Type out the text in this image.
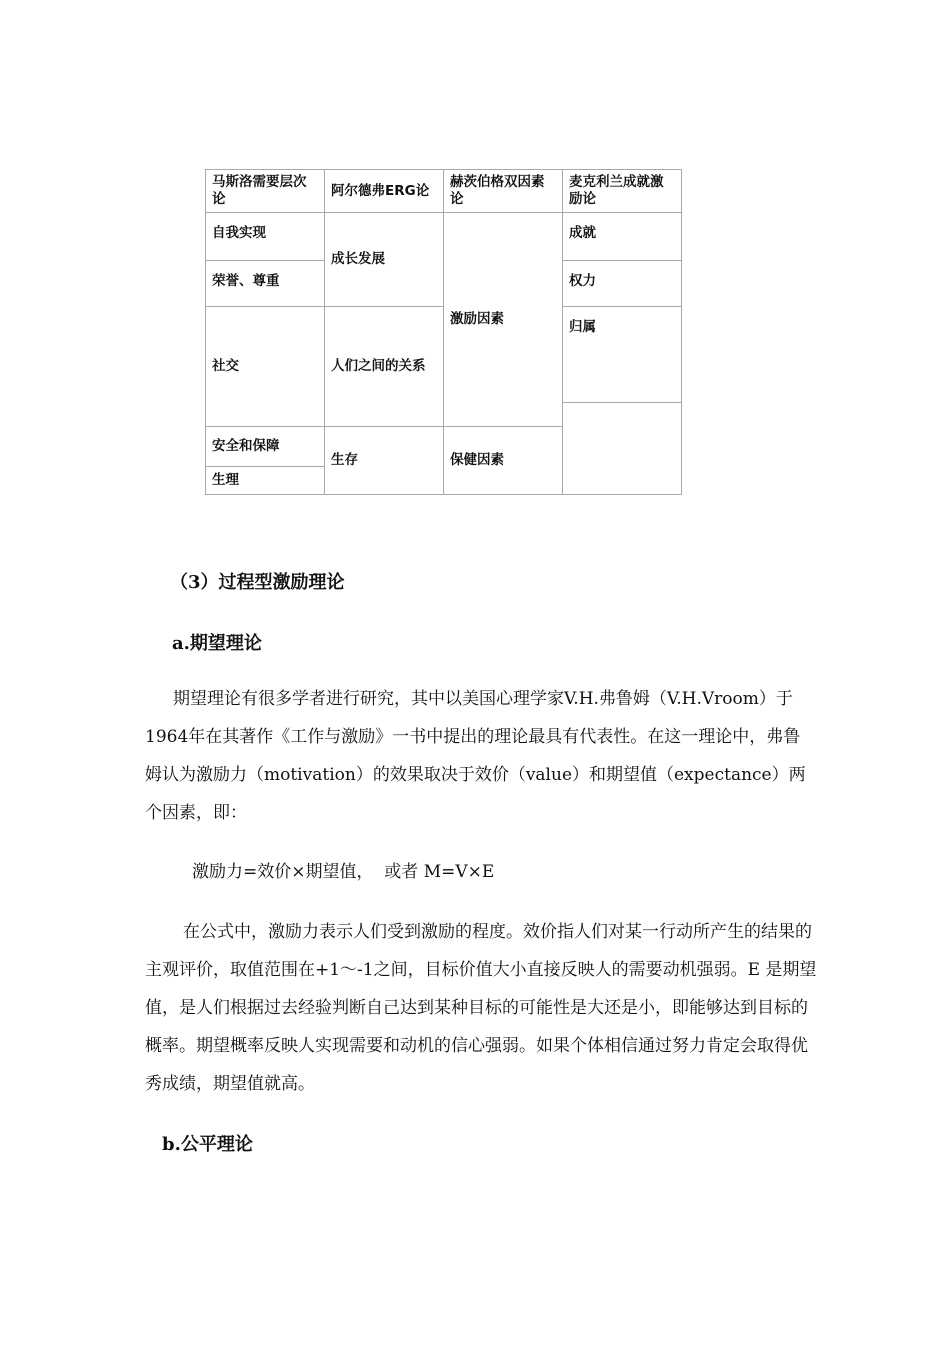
马斯洛需要层次论	阿尔德弗ERG论	赫茨伯格双因素论	麦克利兰成就激励论
自我实现	成长发展	激励因素	成就
荣誉、尊重			权力
社交	人们之间的关系		归属

安全和保障	生存	保健因素	
生理			
（3）过程型激励理论
a.期望理论

期望理论有很多学者进行研究，其中以美国心理学家V.H.弗鲁姆（V.H.Vroom）于1964年在其著作《工作与激励》一书中提出的理论最具有代表性。在这一理论中，弗鲁姆认为激励力（motivation）的效果取决于效价（value）和期望值（expectance）两个因素，即：

激励力=效价×期望值，  或者 M=V×E

在公式中，激励力表示人们受到激励的程度。效价指人们对某一行动所产生的结果的主观评价，取值范围在+1～-1之间，目标价值大小直接反映人的需要动机强弱。E 是期望值，是人们根据过去经验判断自己达到某种目标的可能性是大还是小，即能够达到目标的概率。期望概率反映人实现需要和动机的信心强弱。如果个体相信通过努力肯定会取得优秀成绩，期望值就高。

b.公平理论
